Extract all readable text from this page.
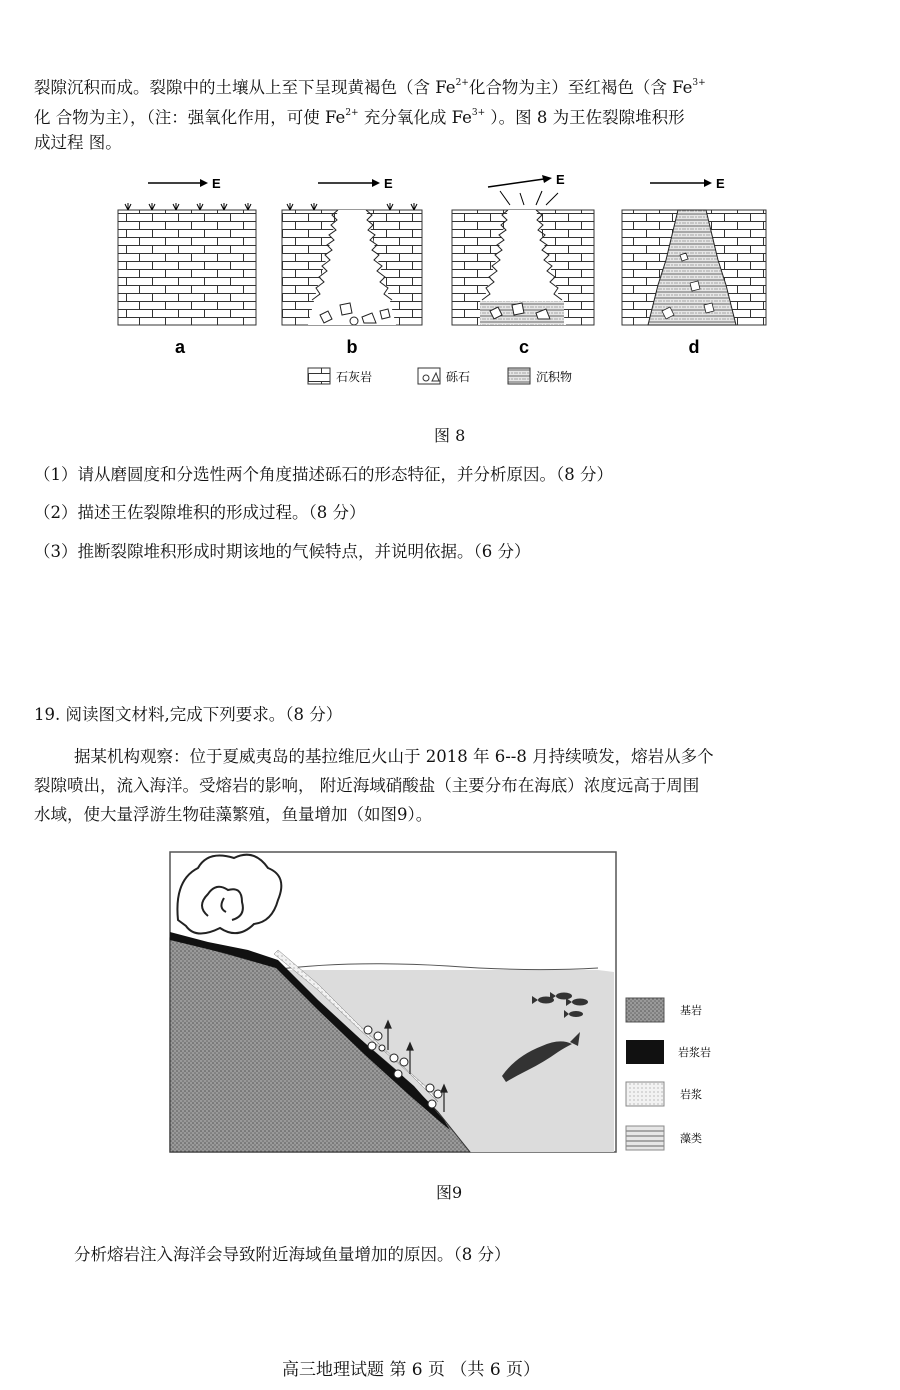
裂隙沉积而成。裂隙中的土壤从上至下呈现黄褐色（含 $Fe^{2+}$化合物为主）至红褐色（含 $Fe^{3+}$
化 合物为主），（注：强氧化作用，可使 $Fe^{2+}$ 充分氧化成 $Fe^{3+}$ ）。图 8 为王佐裂隙堆积形
成过程 图。
E
a
E
b
E
c
E
d
石灰岩	砾石	沉积物
图 8
（1）请从磨圆度和分选性两个角度描述砾石的形态特征，并分析原因。（8 分）
（2）描述王佐裂隙堆积的形成过程。（8 分）
（3）推断裂隙堆积形成时期该地的气候特点，并说明依据。（6 分）
19. 阅读图文材料,完成下列要求。（8 分）
据某机构观察：位于夏威夷岛的基拉维厄火山于 2018 年 6--8 月持续喷发，熔岩从多个
裂隙喷出，流入海洋。受熔岩的影响， 附近海域硝酸盐（主要分布在海底）浓度远高于周围
水域，使大量浮游生物硅藻繁殖，鱼量增加（如图9）。
基岩
岩浆岩
岩浆
藻类
图9
分析熔岩注入海洋会导致附近海域鱼量增加的原因。（8 分）
高三地理试题 第 6 页 （共 6 页）
